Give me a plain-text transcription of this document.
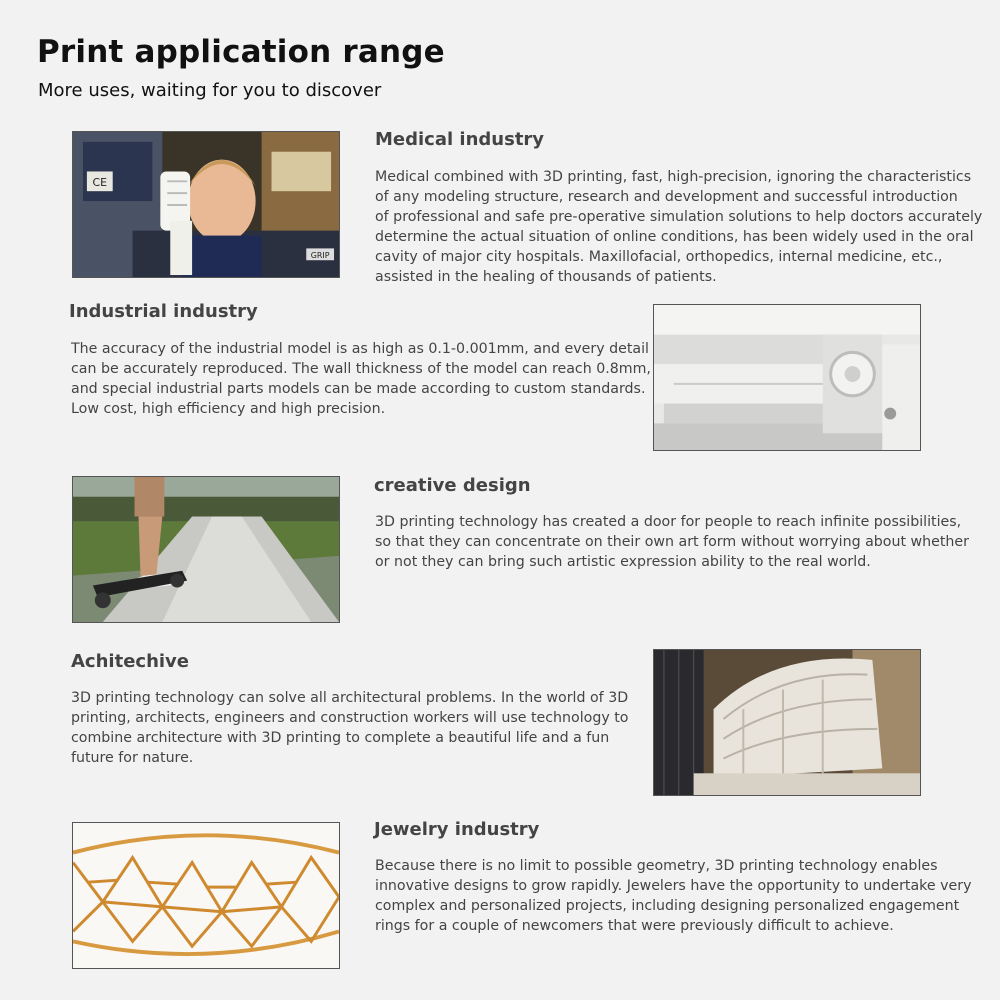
Print application range
More uses, waiting for you to discover
CE
GRIP
Medical industry
Medical combined with 3D printing, fast, high-precision, ignoring the characteristics
of any modeling structure, research and development and successful introduction
of professional and safe pre-operative simulation solutions to help doctors accurately
determine the actual situation of online conditions, has been widely used in the oral
cavity of major city hospitals. Maxillofacial, orthopedics, internal medicine, etc.,
assisted in the healing of thousands of patients.
Industrial industry
The accuracy of the industrial model is as high as 0.1-0.001mm, and every detail
can be accurately reproduced. The wall thickness of the model can reach 0.8mm,
and special industrial parts models can be made according to custom standards.
Low cost, high efficiency and high precision.
creative design
3D printing technology has created a door for people to reach infinite possibilities,
so that they can concentrate on their own art form without worrying about whether
or not they can bring such artistic expression ability to the real world.
Achitechive
3D printing technology can solve all architectural problems. In the world of 3D
printing, architects, engineers and construction workers will use technology to
combine architecture with 3D printing to complete a beautiful life and a fun
future for nature.
Jewelry industry
Because there is no limit to possible geometry, 3D printing technology enables
innovative designs to grow rapidly. Jewelers have the opportunity to undertake very
complex and personalized projects, including designing personalized engagement
rings for a couple of newcomers that were previously difficult to achieve.
